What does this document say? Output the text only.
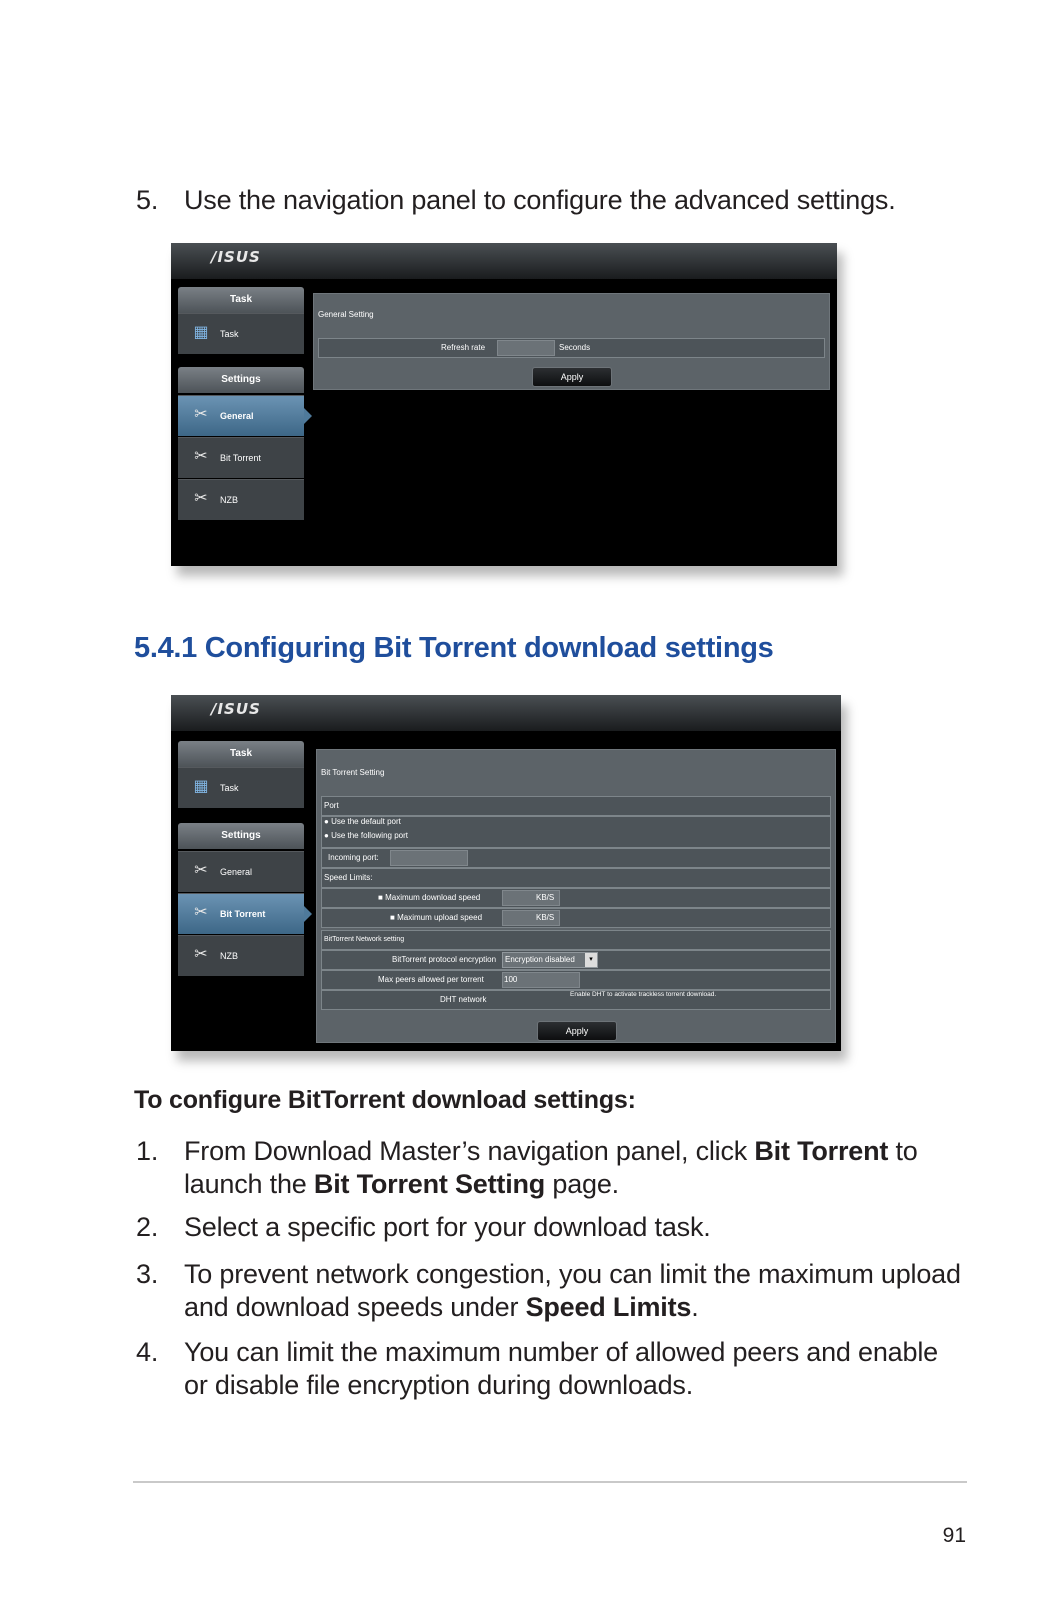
5. Use the navigation panel to configure the advanced settings.
/ISUS
Task
▦	Task
Settings
✂	General
✂	Bit Torrent
✂	NZB
General Setting
Refresh rate	Seconds
Apply
5.4.1 Configuring Bit Torrent download settings
/ISUS
Task
▦	Task
Settings
✂	General
✂	Bit Torrent
✂	NZB
Bit Torrent Setting
Port
● Use the default port
● Use the following port
Incoming port:
Speed Limits:
■ Maximum download speed	KB/S
■ Maximum upload speed	KB/S
BitTorrent Network setting
BitTorrent protocol encryption	Encryption disabled	▾
Max peers allowed per torrent	100
DHT network
Enable DHT to activate trackless torrent download.
Apply
To configure BitTorrent download settings:
1. From Download Master’s navigation panel, click Bit Torrent to launch the Bit Torrent Setting page.
2. Select a specific port for your download task.
3. To prevent network congestion, you can limit the maximum upload and download speeds under Speed Limits.
4. You can limit the maximum number of allowed peers and enable or disable file encryption during downloads.
91
